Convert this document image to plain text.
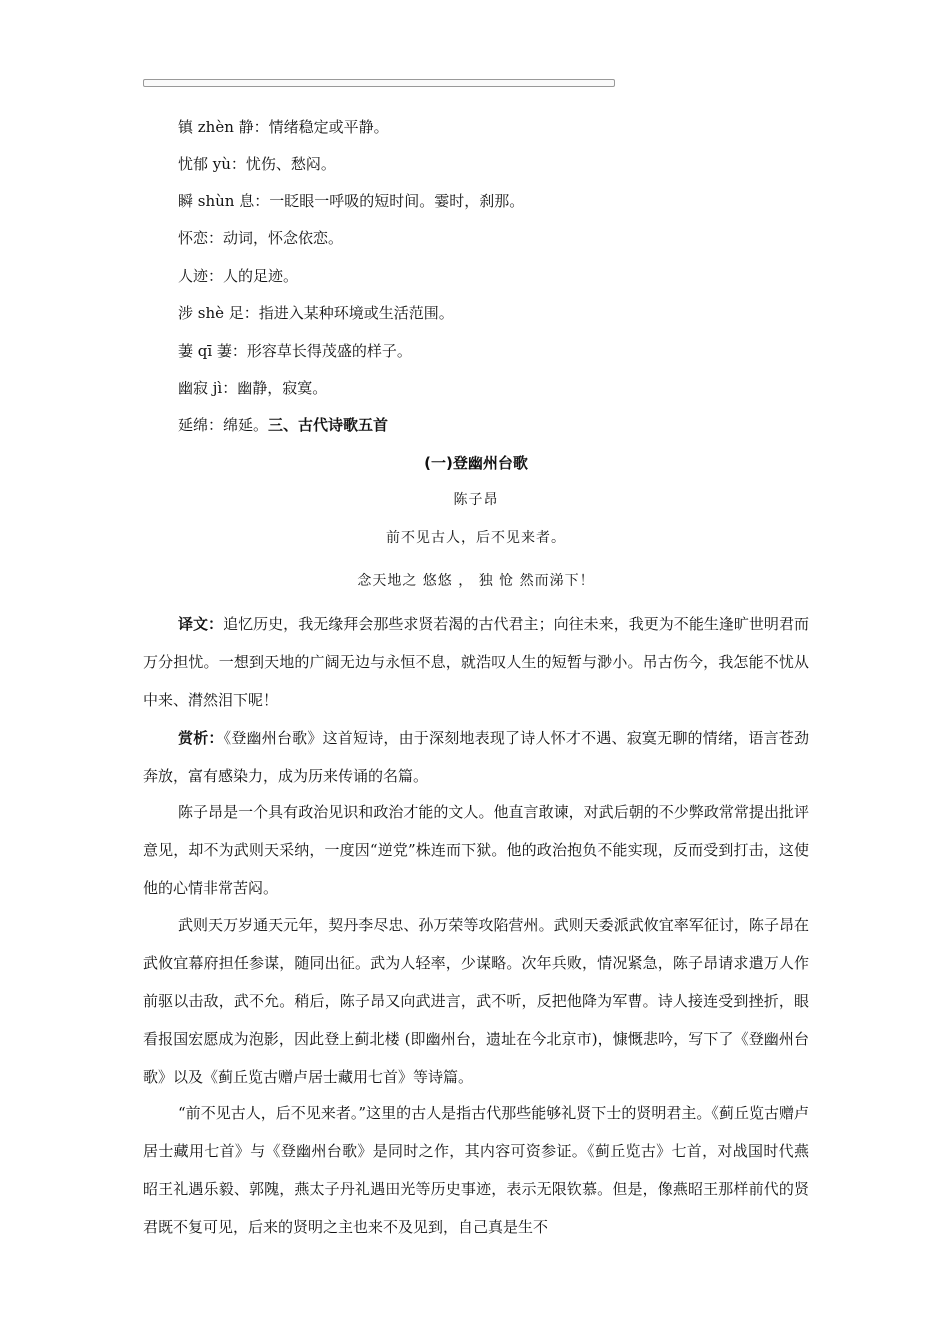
镇 zhèn 静：情绪稳定或平静。
忧郁 yù：忧伤、愁闷。
瞬 shùn 息：一眨眼一呼吸的短时间。霎时，刹那。
怀恋：动词，怀念依恋。
人迹：人的足迹。
涉 shè 足：指进入某种环境或生活范围。
萋 qī 萋：形容草长得茂盛的样子。
幽寂 jì：幽静，寂寞。
延绵：绵延。三、古代诗歌五首
(一)登幽州台歌
陈子昂
前不见古人，后不见来者。
念天地之 悠悠 ， 独 怆 然而涕下！
译文：追忆历史，我无缘拜会那些求贤若渴的古代君主；向往未来，我更为不能生逢旷世明君而万分担忧。一想到天地的广阔无边与永恒不息，就浩叹人生的短暂与渺小。吊古伤今，我怎能不忧从中来、潸然泪下呢！
赏析：《登幽州台歌》这首短诗，由于深刻地表现了诗人怀才不遇、寂寞无聊的情绪，语言苍劲奔放，富有感染力，成为历来传诵的名篇。
陈子昂是一个具有政治见识和政治才能的文人。他直言敢谏，对武后朝的不少弊政常常提出批评意见，却不为武则天采纳，一度因“逆党”株连而下狱。他的政治抱负不能实现，反而受到打击，这使他的心情非常苦闷。
武则天万岁通天元年，契丹李尽忠、孙万荣等攻陷营州。武则天委派武攸宜率军征讨，陈子昂在武攸宜幕府担任参谋，随同出征。武为人轻率，少谋略。次年兵败，情况紧急，陈子昂请求遣万人作前驱以击敌，武不允。稍后，陈子昂又向武进言，武不听，反把他降为军曹。诗人接连受到挫折，眼看报国宏愿成为泡影，因此登上蓟北楼 (即幽州台，遗址在今北京市)，慷慨悲吟，写下了《登幽州台歌》以及《蓟丘览古赠卢居士藏用七首》等诗篇。
“前不见古人，后不见来者。”这里的古人是指古代那些能够礼贤下士的贤明君主。《蓟丘览古赠卢居士藏用七首》与《登幽州台歌》是同时之作，其内容可资参证。《蓟丘览古》七首，对战国时代燕昭王礼遇乐毅、郭隗，燕太子丹礼遇田光等历史事迹，表示无限钦慕。但是，像燕昭王那样前代的贤君既不复可见，后来的贤明之主也来不及见到，自己真是生不
